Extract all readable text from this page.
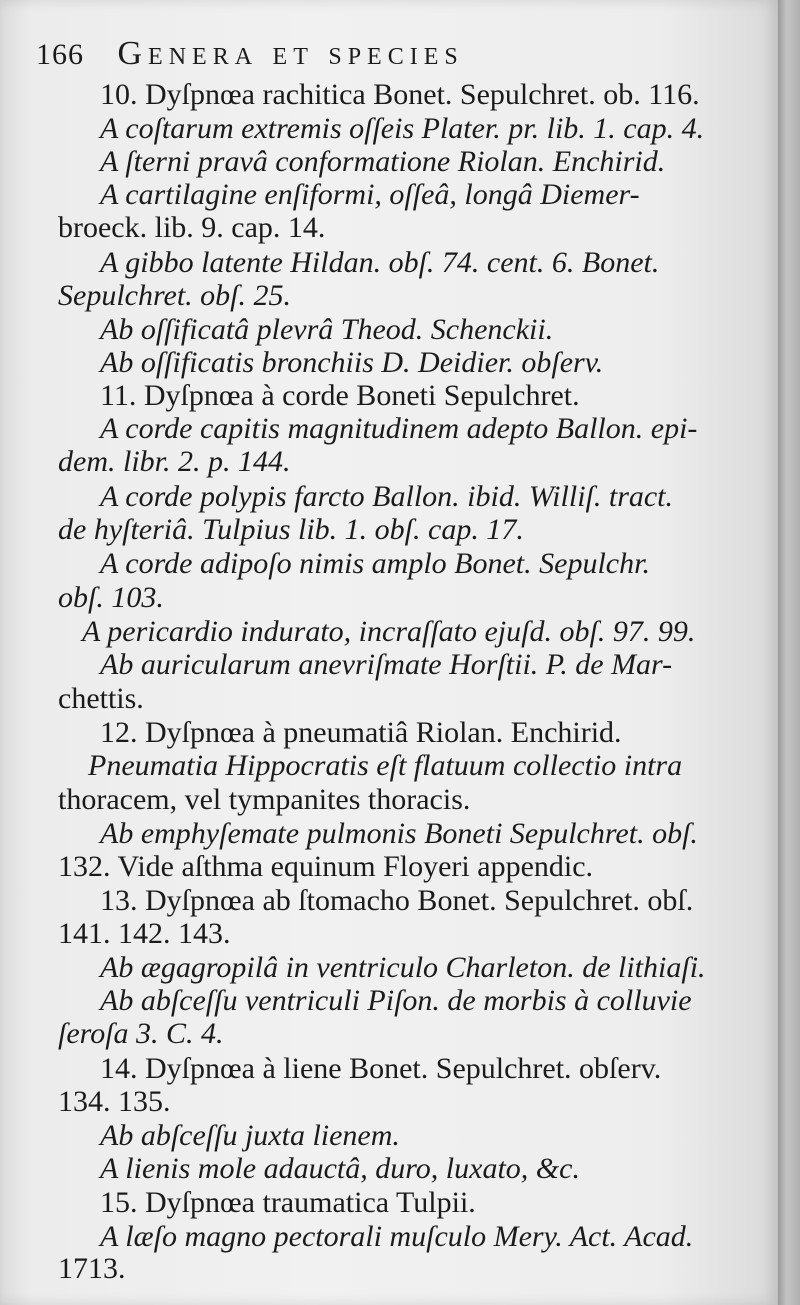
166 Genera et species
10. Dyſpnœa rachitica Bonet. Sepulchret. ob. 116.
A coſtarum extremis oſſeis Plater. pr. lib. 1. cap. 4.
A ſterni pravâ conformatione Riolan. Enchirid.
A cartilagine enſiformi, oſſeâ, longâ Diemer-
broeck. lib. 9. cap. 14.
A gibbo latente Hildan. obſ. 74. cent. 6. Bonet.
Sepulchret. obſ. 25.
Ab oſſificatâ plevrâ Theod. Schenckii.
Ab oſſificatis bronchiis D. Deidier. obſerv.
11. Dyſpnœa à corde Boneti Sepulchret.
A corde capitis magnitudinem adepto Ballon. epi-
dem. libr. 2. p. 144.
A corde polypis farcto Ballon. ibid. Williſ. tract.
de hyſteriâ. Tulpius lib. 1. obſ. cap. 17.
A corde adipoſo nimis amplo Bonet. Sepulchr.
obſ. 103.
A pericardio indurato, incraſſato ejuſd. obſ. 97. 99.
Ab auricularum anevriſmate Horſtii. P. de Mar-
chettis.
12. Dyſpnœa à pneumatiâ Riolan. Enchirid.
Pneumatia Hippocratis eſt flatuum collectio intra
thoracem, vel tympanites thoracis.
Ab emphyſemate pulmonis Boneti Sepulchret. obſ.
132. Vide aſthma equinum Floyeri appendic.
13. Dyſpnœa ab ſtomacho Bonet. Sepulchret. obſ.
141. 142. 143.
Ab ægagropilâ in ventriculo Charleton. de lithiaſi.
Ab abſceſſu ventriculi Piſon. de morbis à colluvie
ſeroſa 3. C. 4.
14. Dyſpnœa à liene Bonet. Sepulchret. obſerv.
134. 135.
Ab abſceſſu juxta lienem.
A lienis mole adauctâ, duro, luxato, &c.
15. Dyſpnœa traumatica Tulpii.
A læſo magno pectorali muſculo Mery. Act. Acad.
1713.
